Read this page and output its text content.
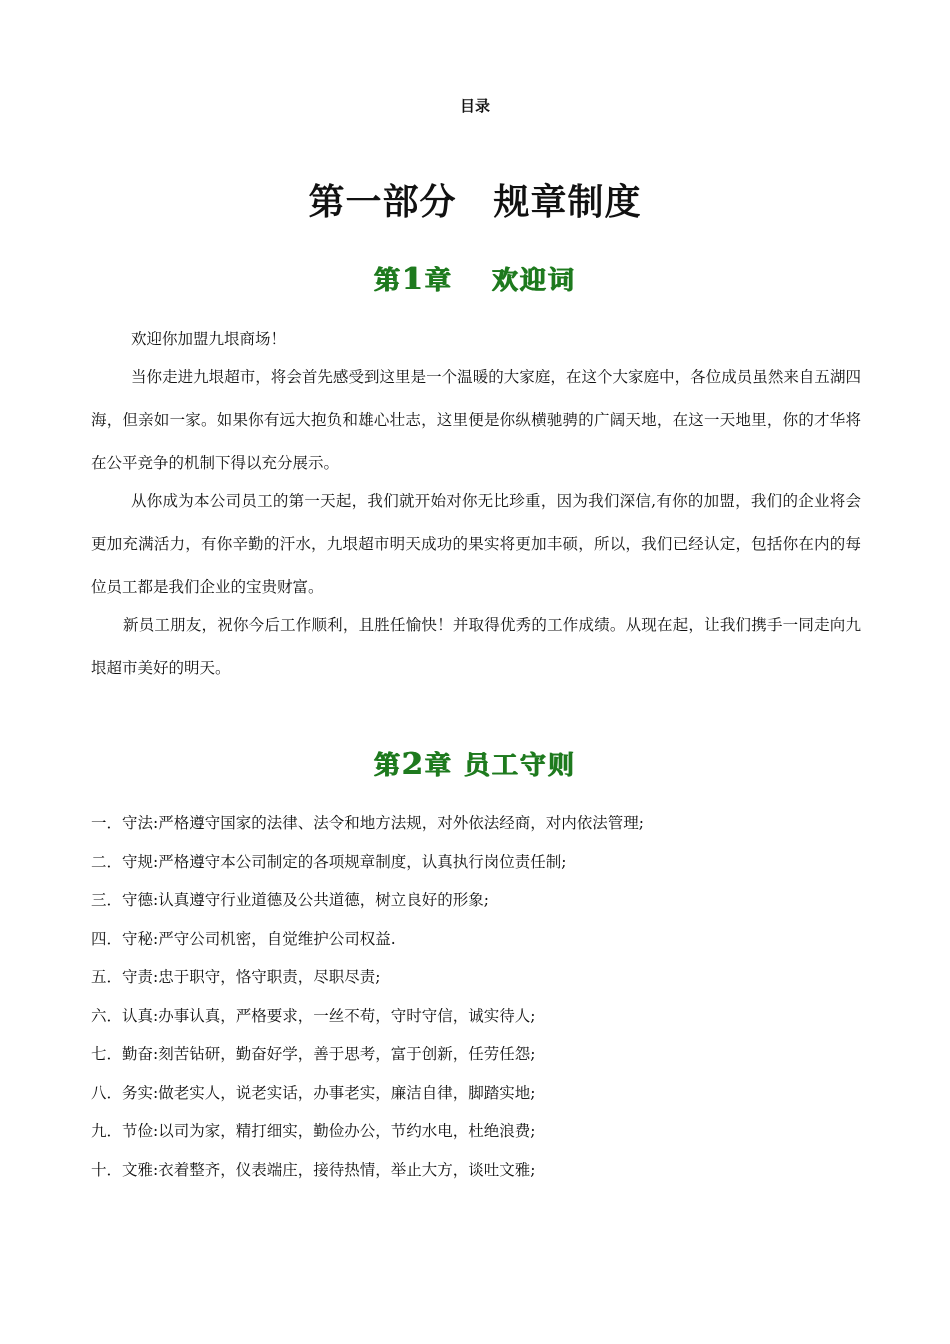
目录
第一部分　规章制度
第1章　 欢迎词
欢迎你加盟九垠商场！
当你走进九垠超市，将会首先感受到这里是一个温暖的大家庭，在这个大家庭中，各位成员虽然来自五湖四海，但亲如一家。如果你有远大抱负和雄心壮志，这里便是你纵横驰骋的广阔天地，在这一天地里，你的才华将在公平竞争的机制下得以充分展示。
从你成为本公司员工的第一天起，我们就开始对你无比珍重，因为我们深信,有你的加盟，我们的企业将会更加充满活力，有你辛勤的汗水，九垠超市明天成功的果实将更加丰硕，所以，我们已经认定，包括你在内的每位员工都是我们企业的宝贵财富。
新员工朋友，祝你今后工作顺利，且胜任愉快！并取得优秀的工作成绩。从现在起，让我们携手一同走向九垠超市美好的明天。
第2章 员工守则
一．守法:严格遵守国家的法律、法令和地方法规，对外依法经商，对内依法管理;
二．守规:严格遵守本公司制定的各项规章制度，认真执行岗位责任制;
三．守德:认真遵守行业道德及公共道德，树立良好的形象;
四．守秘:严守公司机密，自觉维护公司权益.
五．守责:忠于职守，恪守职责，尽职尽责;
六．认真:办事认真，严格要求，一丝不苟，守时守信，诚实待人;
七．勤奋:刻苦钻研，勤奋好学，善于思考，富于创新，任劳任怨;
八．务实:做老实人，说老实话，办事老实，廉洁自律，脚踏实地;
九．节俭:以司为家，精打细实，勤俭办公，节约水电，杜绝浪费;
十．文雅:衣着整齐，仪表端庄，接待热情，举止大方，谈吐文雅;
